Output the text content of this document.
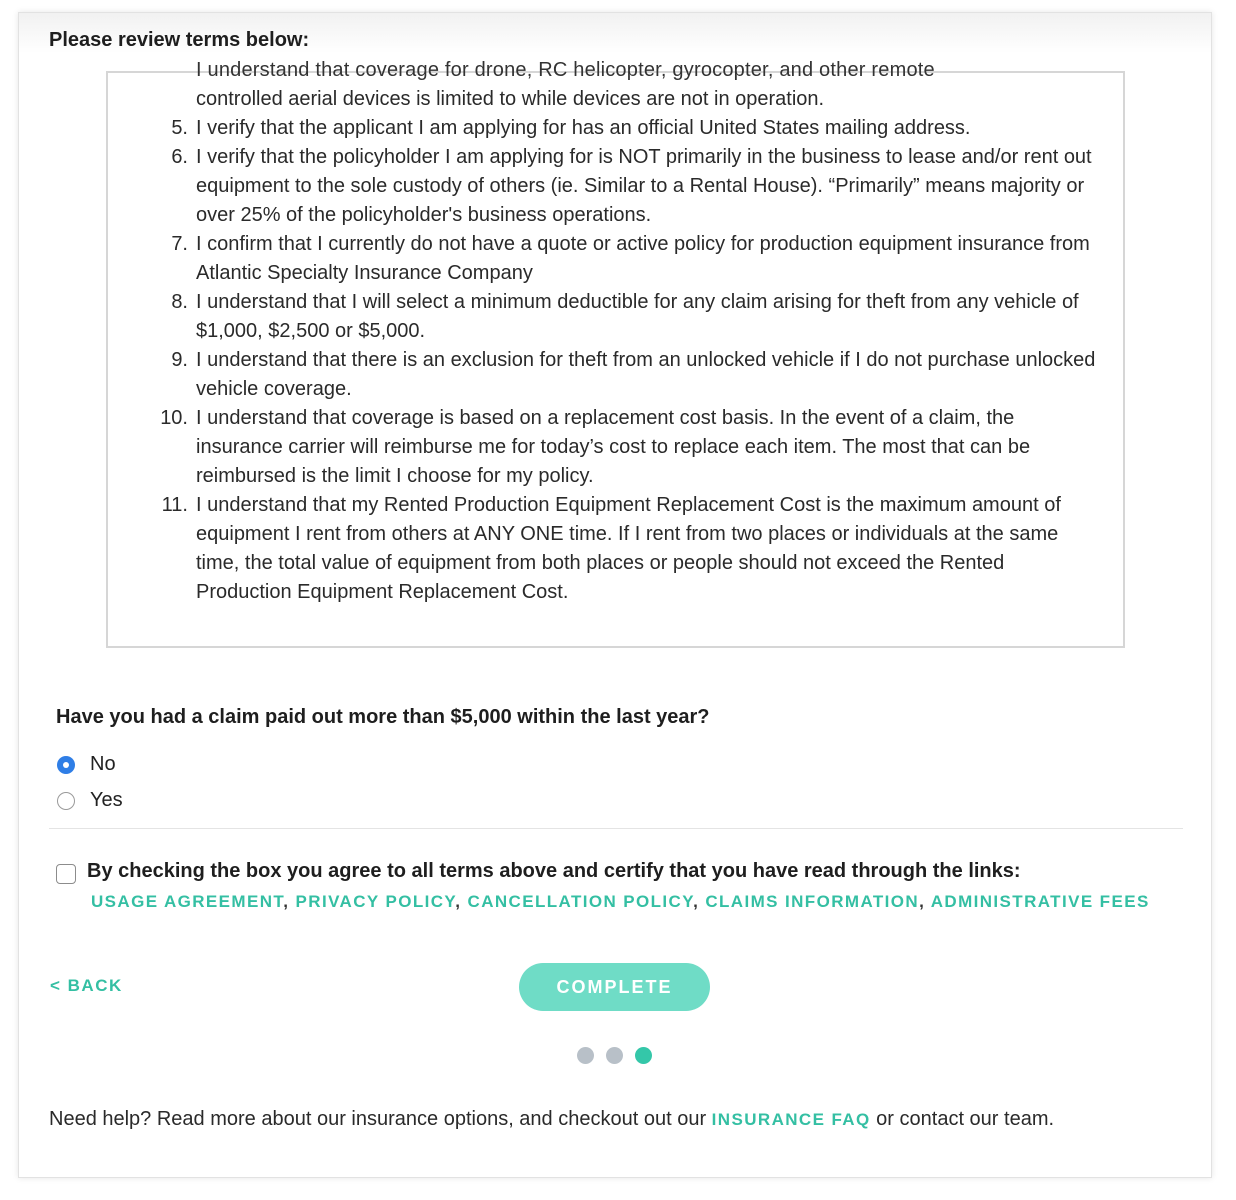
Please review terms below:
I understand that coverage for drone, RC helicopter, gyrocopter, and other remote
controlled aerial devices is limited to while devices are not in operation.
5. I verify that the applicant I am applying for has an official United States mailing address.
6. I verify that the policyholder I am applying for is NOT primarily in the business to lease and/or rent out equipment to the sole custody of others (ie. Similar to a Rental House). “Primarily” means majority or over 25% of the policyholder's business operations.
7. I confirm that I currently do not have a quote or active policy for production equipment insurance from Atlantic Specialty Insurance Company
8. I understand that I will select a minimum deductible for any claim arising for theft from any vehicle of $1,000, $2,500 or $5,000.
9. I understand that there is an exclusion for theft from an unlocked vehicle if I do not purchase unlocked vehicle coverage.
10. I understand that coverage is based on a replacement cost basis. In the event of a claim, the insurance carrier will reimburse me for today’s cost to replace each item. The most that can be reimbursed is the limit I choose for my policy.
11. I understand that my Rented Production Equipment Replacement Cost is the maximum amount of equipment I rent from others at ANY ONE time. If I rent from two places or individuals at the same time, the total value of equipment from both places or people should not exceed the Rented Production Equipment Replacement Cost.
Have you had a claim paid out more than $5,000 within the last year?
No
Yes
By checking the box you agree to all terms above and certify that you have read through the links:
USAGE AGREEMENT, PRIVACY POLICY, CANCELLATION POLICY, CLAIMS INFORMATION, ADMINISTRATIVE FEES
< BACK	COMPLETE
Need help? Read more about our insurance options, and checkout out our INSURANCE FAQ or contact our team.
